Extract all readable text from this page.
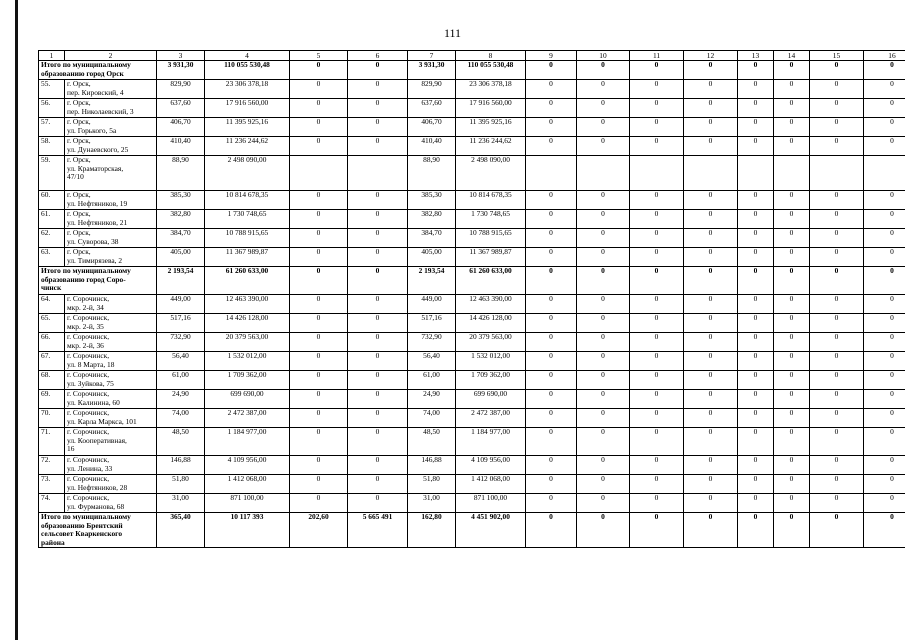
111
1	2	3	4	5	6	7	8	9	10	11	12	13	14	15	16
Итого по муниципальному
образованию город Орск		3 931,30	110 055 530,48	0	0	3 931,30	110 055 530,48	0	0	0	0	0	0	0	0
55.	г. Орск,
пер. Кировский, 4	829,90	23 306 378,18	0	0	829,90	23 306 378,18	0	0	0	0	0	0	0	0
56.	г. Орск,
пер. Николаевский, 3	637,60	17 916 560,00	0	0	637,60	17 916 560,00	0	0	0	0	0	0	0	0
57.	г. Орск,
ул. Горького, 5а	406,70	11 395 925,16	0	0	406,70	11 395 925,16	0	0	0	0	0	0	0	0
58.	г. Орск,
ул. Дунаевского, 25	410,40	11 236 244,62	0	0	410,40	11 236 244,62	0	0	0	0	0	0	0	0
59.	г. Орск,
ул. Краматорская,
47/10	88,90	2 498 090,00			88,90	2 498 090,00								
60.	г. Орск,
ул. Нефтяников, 19	385,30	10 814 678,35	0	0	385,30	10 814 678,35	0	0	0	0	0	0	0	0
61.	г. Орск,
ул. Нефтяников, 21	382,80	1 730 748,65	0	0	382,80	1 730 748,65	0	0	0	0	0	0	0	0
62.	г. Орск,
ул. Суворова, 38	384,70	10 788 915,65	0	0	384,70	10 788 915,65	0	0	0	0	0	0	0	0
63.	г. Орск,
ул. Тимирязева, 2	405,00	11 367 989,87	0	0	405,00	11 367 989,87	0	0	0	0	0	0	0	0
Итого по муниципальному
образованию город Соро-
чинск		2 193,54	61 260 633,00	0	0	2 193,54	61 260 633,00	0	0	0	0	0	0	0	0
64.	г. Сорочинск,
мкр. 2-й, 34	449,00	12 463 390,00	0	0	449,00	12 463 390,00	0	0	0	0	0	0	0	0
65.	г. Сорочинск,
мкр. 2-й, 35	517,16	14 426 128,00	0	0	517,16	14 426 128,00	0	0	0	0	0	0	0	0
66.	г. Сорочинск,
мкр. 2-й, 36	732,90	20 379 563,00	0	0	732,90	20 379 563,00	0	0	0	0	0	0	0	0
67.	г. Сорочинск,
ул. 8 Марта, 18	56,40	1 532 012,00	0	0	56,40	1 532 012,00	0	0	0	0	0	0	0	0
68.	г. Сорочинск,
ул. Зуйкова, 75	61,00	1 709 362,00	0	0	61,00	1 709 362,00	0	0	0	0	0	0	0	0
69.	г. Сорочинск,
ул. Калинина, 60	24,90	699 690,00	0	0	24,90	699 690,00	0	0	0	0	0	0	0	0
70.	г. Сорочинск,
ул. Карла Маркса, 101	74,00	2 472 387,00	0	0	74,00	2 472 387,00	0	0	0	0	0	0	0	0
71.	г. Сорочинск,
ул. Кооперативная,
16	48,50	1 184 977,00	0	0	48,50	1 184 977,00	0	0	0	0	0	0	0	0
72.	г. Сорочинск,
ул. Ленина, 33	146,88	4 109 956,00	0	0	146,88	4 109 956,00	0	0	0	0	0	0	0	0
73.	г. Сорочинск,
ул. Нефтяников, 28	51,80	1 412 068,00	0	0	51,80	1 412 068,00	0	0	0	0	0	0	0	0
74.	г. Сорочинск,
ул. Фурманова, 68	31,00	871 100,00	0	0	31,00	871 100,00	0	0	0	0	0	0	0	0
Итого по муниципальному
образованию Брентский
сельсовет Кваркенского
района		365,40	10 117 393	202,60	5 665 491	162,80	4 451 902,00	0	0	0	0	0	0	0	0
